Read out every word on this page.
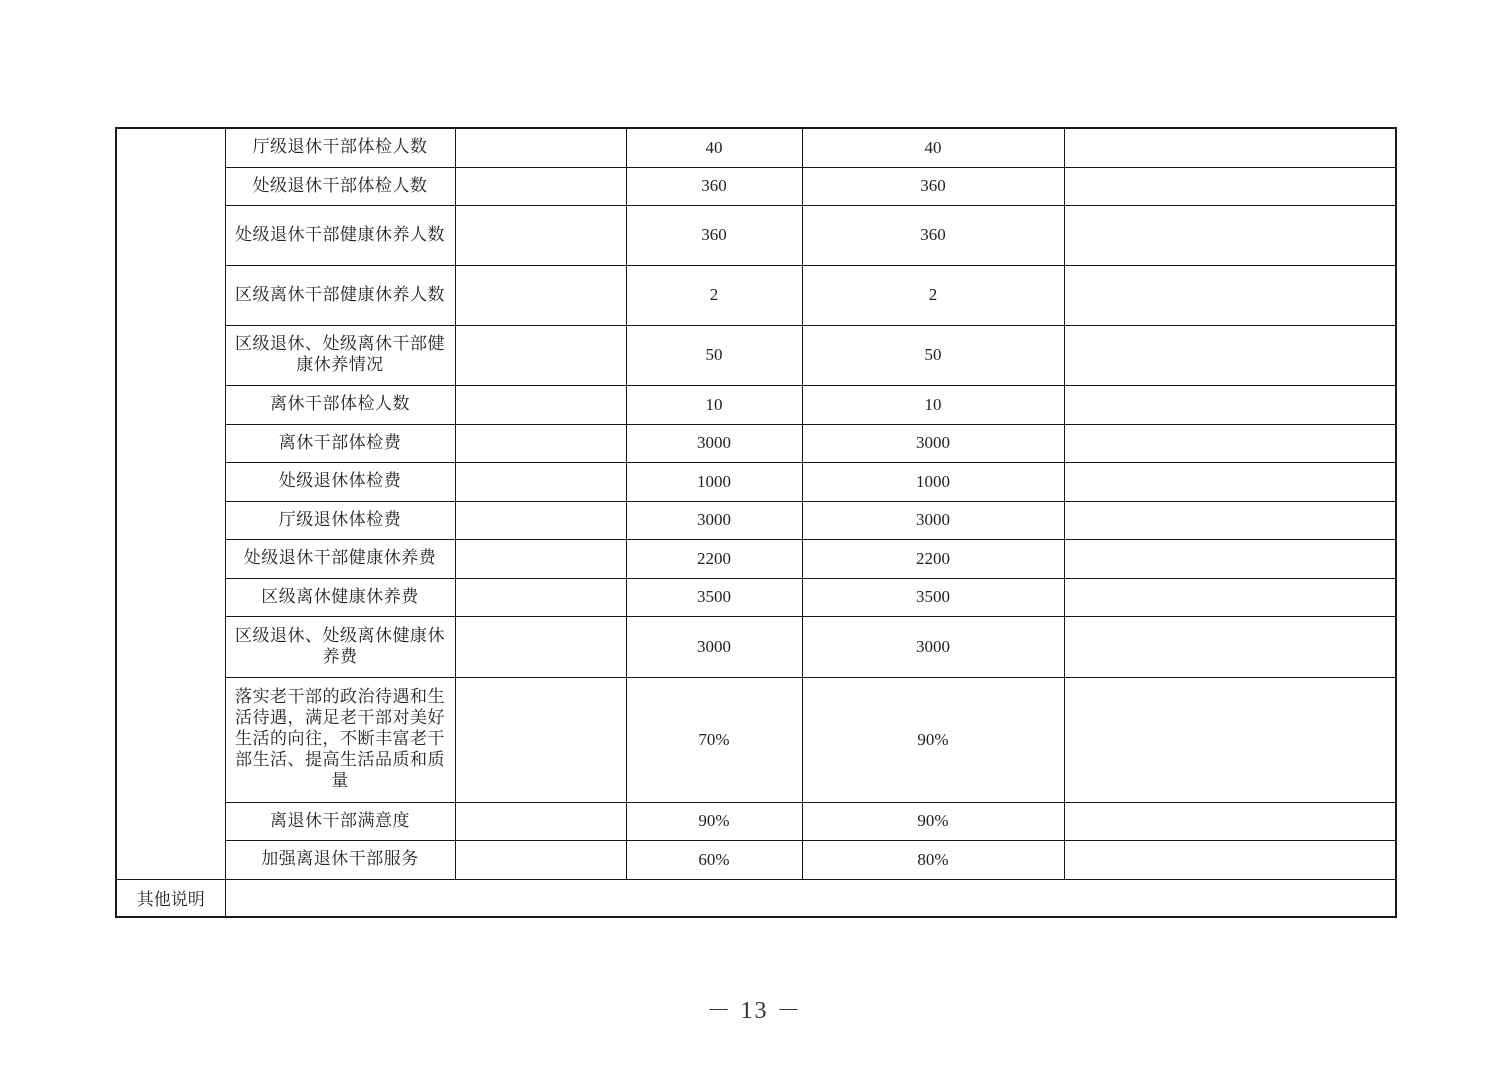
	厅级退休干部体检人数		40	40	
	处级退休干部体检人数		360	360	
	处级退休干部健康休养人数		360	360	
	区级离休干部健康休养人数		2	2	
	区级退休、处级离休干部健康休养情况		50	50	
	离休干部体检人数		10	10	
	离休干部体检费		3000	3000	
	处级退休体检费		1000	1000	
	厅级退休体检费		3000	3000	
	处级退休干部健康休养费		2200	2200	
	区级离休健康休养费		3500	3500	
	区级退休、处级离休健康休养费		3000	3000	
	落实老干部的政治待遇和生活待遇，满足老干部对美好生活的向往，不断丰富老干部生活、提高生活品质和质量		70%	90%	
	离退休干部满意度		90%	90%	
	加强离退休干部服务		60%	80%	
其他说明					
－ 13 －
